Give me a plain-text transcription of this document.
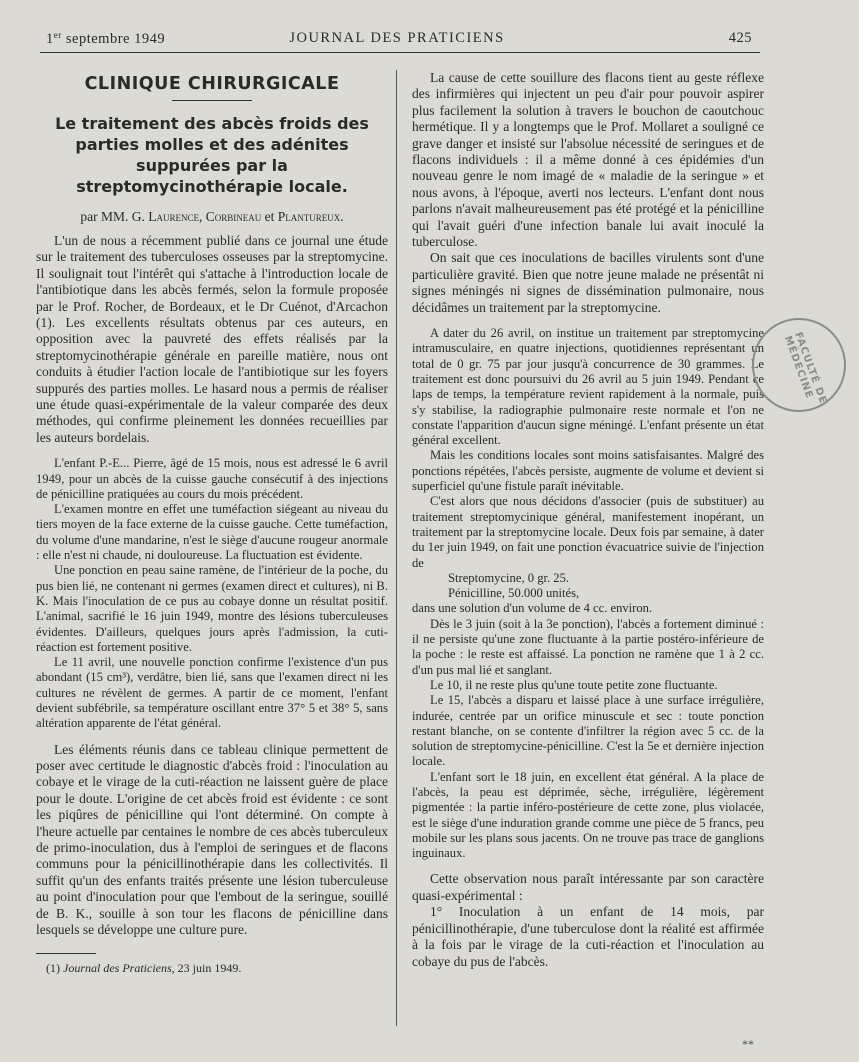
1er septembre 1949	JOURNAL DES PRATICIENS	425
CLINIQUE CHIRURGICALE
Le traitement des abcès froids des parties molles et des adénites suppurées par la streptomycinothérapie locale.
par MM. G. Laurence, Corbineau et Plantureux.

L'un de nous a récemment publié dans ce journal une étude sur le traitement des tuberculoses osseuses par la streptomycine. Il soulignait tout l'intérêt qui s'attache à l'introduction locale de l'antibiotique dans les abcès fermés, selon la formule proposée par le Prof. Rocher, de Bordeaux, et le Dr Cuénot, d'Arcachon (1). Les excellents résultats obtenus par ces auteurs, en opposition avec la pauvreté des effets réalisés par la streptomycinothérapie générale en pareille matière, nous ont conduits à étudier l'action locale de l'antibiotique sur les foyers suppurés des parties molles. Le hasard nous a permis de réaliser une étude quasi-expérimentale de la valeur comparée des deux méthodes, qui confirme pleinement les données recueillies par les auteurs bordelais.

L'enfant P.-E... Pierre, âgé de 15 mois, nous est adressé le 6 avril 1949, pour un abcès de la cuisse gauche consécutif à des injections de pénicilline pratiquées au cours du mois précédent.

L'examen montre en effet une tuméfaction siégeant au niveau du tiers moyen de la face externe de la cuisse gauche. Cette tuméfaction, du volume d'une mandarine, n'est le siège d'aucune rougeur anormale : elle n'est ni chaude, ni douloureuse. La fluctuation est évidente.

Une ponction en peau saine ramène, de l'intérieur de la poche, du pus bien lié, ne contenant ni germes (examen direct et cultures), ni B. K. Mais l'inoculation de ce pus au cobaye donne un résultat positif. L'animal, sacrifié le 16 juin 1949, montre des lésions tuberculeuses évidentes. D'ailleurs, quelques jours après l'admission, la cuti-réaction est fortement positive.

Le 11 avril, une nouvelle ponction confirme l'existence d'un pus abondant (15 cm³), verdâtre, bien lié, sans que l'examen direct ni les cultures ne révèlent de germes. A partir de ce moment, l'enfant devient subfébrile, sa température oscillant entre 37° 5 et 38° 5, sans altération apparente de l'état général.

Les éléments réunis dans ce tableau clinique permettent de poser avec certitude le diagnostic d'abcès froid : l'inoculation au cobaye et le virage de la cuti-réaction ne laissent guère de place pour le doute. L'origine de cet abcès froid est évidente : ce sont les piqûres de pénicilline qui l'ont déterminé. On compte à l'heure actuelle par centaines le nombre de ces abcès tuberculeux de primo-inoculation, dus à l'emploi de seringues et de flacons communs pour la pénicillinothérapie dans les collectivités. Il suffit qu'un des enfants traités présente une lésion tuberculeuse au point d'inoculation pour que l'embout de la seringue, souillé de B. K., souille à son tour les flacons de pénicilline dans lesquels se développe une culture pure.

(1) Journal des Praticiens, 23 juin 1949.

La cause de cette souillure des flacons tient au geste réflexe des infirmières qui injectent un peu d'air pour pouvoir aspirer plus facilement la solution à travers le bouchon de caoutchouc hermétique. Il y a longtemps que le Prof. Mollaret a souligné ce grave danger et insisté sur l'absolue nécessité de seringues et de flacons individuels : il a même donné à ces épidémies d'un nouveau genre le nom imagé de « maladie de la seringue » et nous avons, à l'époque, averti nos lecteurs. L'enfant dont nous parlons n'avait malheureusement pas été protégé et la pénicilline qui l'avait guéri d'une infection banale lui avait inoculé la tuberculose.

On sait que ces inoculations de bacilles virulents sont d'une particulière gravité. Bien que notre jeune malade ne présentât ni signes méningés ni signes de dissémination pulmonaire, nous décidâmes un traitement par la streptomycine.

A dater du 26 avril, on institue un traitement par streptomycine intramusculaire, en quatre injections, quotidiennes représentant un total de 0 gr. 75 par jour jusqu'à concurrence de 30 grammes. Le traitement est donc poursuivi du 26 avril au 5 juin 1949. Pendant ce laps de temps, la température revient rapidement à la normale, puis s'y stabilise, la radiographie pulmonaire reste normale et l'on ne constate l'apparition d'aucun signe méningé. L'enfant présente un état général excellent.

Mais les conditions locales sont moins satisfaisantes. Malgré des ponctions répétées, l'abcès persiste, augmente de volume et devient si superficiel qu'une fistule paraît inévitable.

C'est alors que nous décidons d'associer (puis de substituer) au traitement streptomycinique général, manifestement inopérant, un traitement par la streptomycine locale. Deux fois par semaine, à dater du 1er juin 1949, on fait une ponction évacuatrice suivie de l'injection de

Streptomycine, 0 gr. 25.

Pénicilline, 50.000 unités,

dans une solution d'un volume de 4 cc. environ.

Dès le 3 juin (soit à la 3e ponction), l'abcès a fortement diminué : il ne persiste qu'une zone fluctuante à la partie postéro-inférieure de la poche : le reste est affaissé. La ponction ne ramène que 1 à 2 cc. d'un pus mal lié et sanglant.

Le 10, il ne reste plus qu'une toute petite zone fluctuante.

Le 15, l'abcès a disparu et laissé place à une surface irrégulière, indurée, centrée par un orifice minuscule et sec : toute ponction restant blanche, on se contente d'infiltrer la région avec 5 cc. de la solution de streptomycine-pénicilline. C'est la 5e et dernière injection locale.

L'enfant sort le 18 juin, en excellent état général. A la place de l'abcès, la peau est déprimée, sèche, irrégulière, légèrement pigmentée : la partie inféro-postérieure de cette zone, plus violacée, est le siège d'une induration grande comme une pièce de 5 francs, peu mobile sur les plans sous jacents. On ne trouve pas trace de ganglions inguinaux.

Cette observation nous paraît intéressante par son caractère quasi-expérimental :

1° Inoculation à un enfant de 14 mois, par pénicillinothérapie, d'une tuberculose dont la réalité est affirmée à la fois par le virage de la cuti-réaction et l'inoculation au cobaye du pus de l'abcès.

FACULTÉ DE MÉDECINE
**
